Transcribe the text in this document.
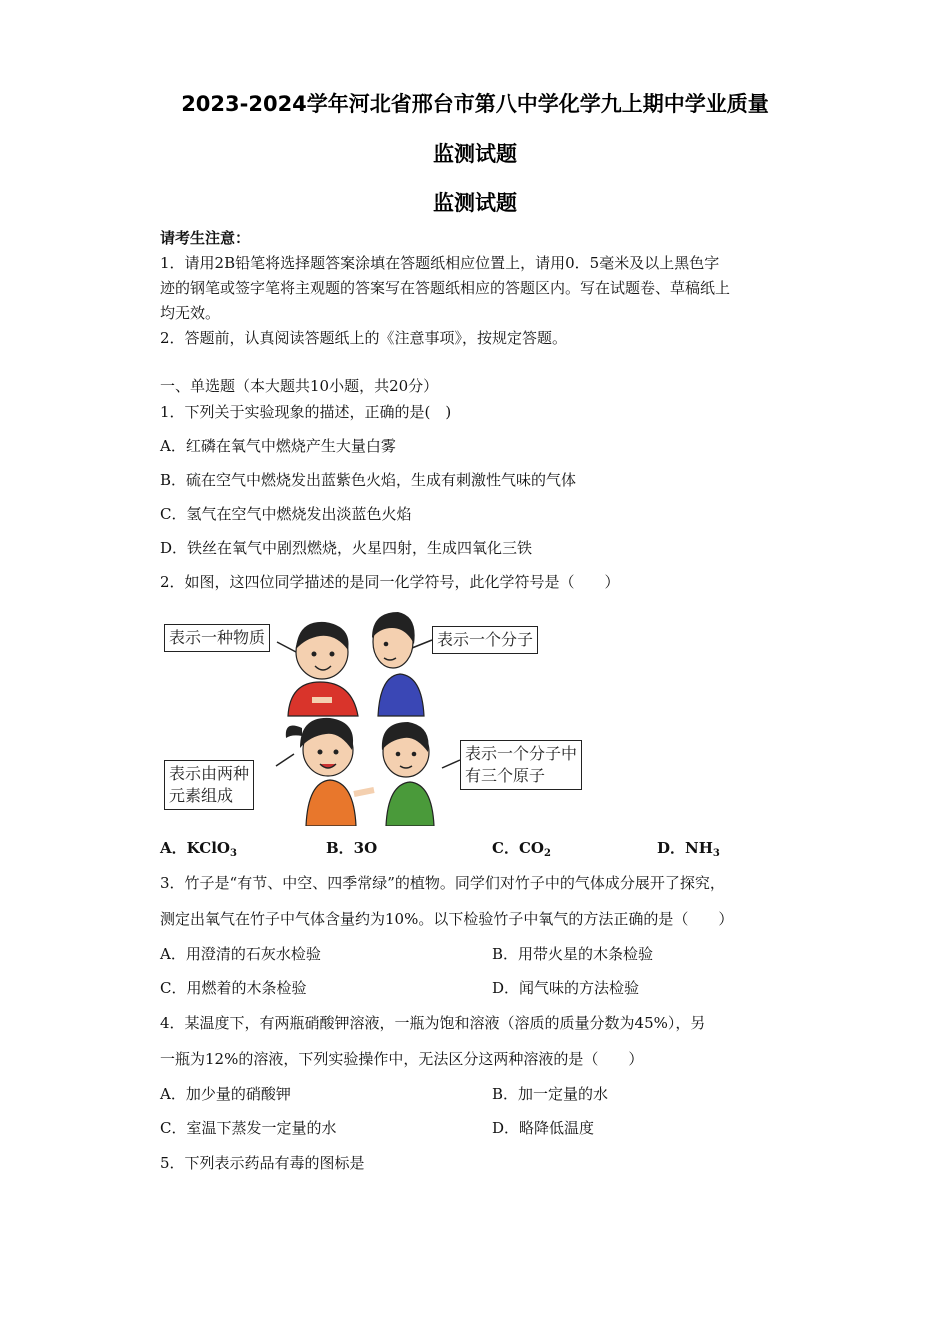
2023-2024学年河北省邢台市第八中学化学九上期中学业质量
监测试题
监测试题
请考生注意：
1．请用2B铅笔将选择题答案涂填在答题纸相应位置上，请用0．5毫米及以上黑色字
迹的钢笔或签字笔将主观题的答案写在答题纸相应的答题区内。写在试题卷、草稿纸上
均无效。
2．答题前，认真阅读答题纸上的《注意事项》，按规定答题。
一、单选题（本大题共10小题，共20分）
1．下列关于实验现象的描述，正确的是(　)
A．红磷在氧气中燃烧产生大量白雾
B．硫在空气中燃烧发出蓝紫色火焰，生成有刺激性气味的气体
C．氢气在空气中燃烧发出淡蓝色火焰
D．铁丝在氧气中剧烈燃烧，火星四射，生成四氧化三铁
2．如图，这四位同学描述的是同一化学符号，此化学符号是（　　）
表示一种物质	表示一个分子
表示由两种
元素组成
表示一个分子中
有三个原子
A．KClO$_3$	B．3O	C．$CO_2$	D．$NH_3$
3．竹子是“有节、中空、四季常绿”的植物。同学们对竹子中的气体成分展开了探究，
测定出氧气在竹子中气体含量约为10%。以下检验竹子中氧气的方法正确的是（　　）
A．用澄清的石灰水检验	B．用带火星的木条检验
C．用燃着的木条检验	D．闻气味的方法检验
4．某温度下，有两瓶硝酸钾溶液，一瓶为饱和溶液（溶质的质量分数为45%），另
一瓶为12%的溶液，下列实验操作中，无法区分这两种溶液的是（　　）
A．加少量的硝酸钾	B．加一定量的水
C．室温下蒸发一定量的水	D．略降低温度
5．下列表示药品有毒的图标是
